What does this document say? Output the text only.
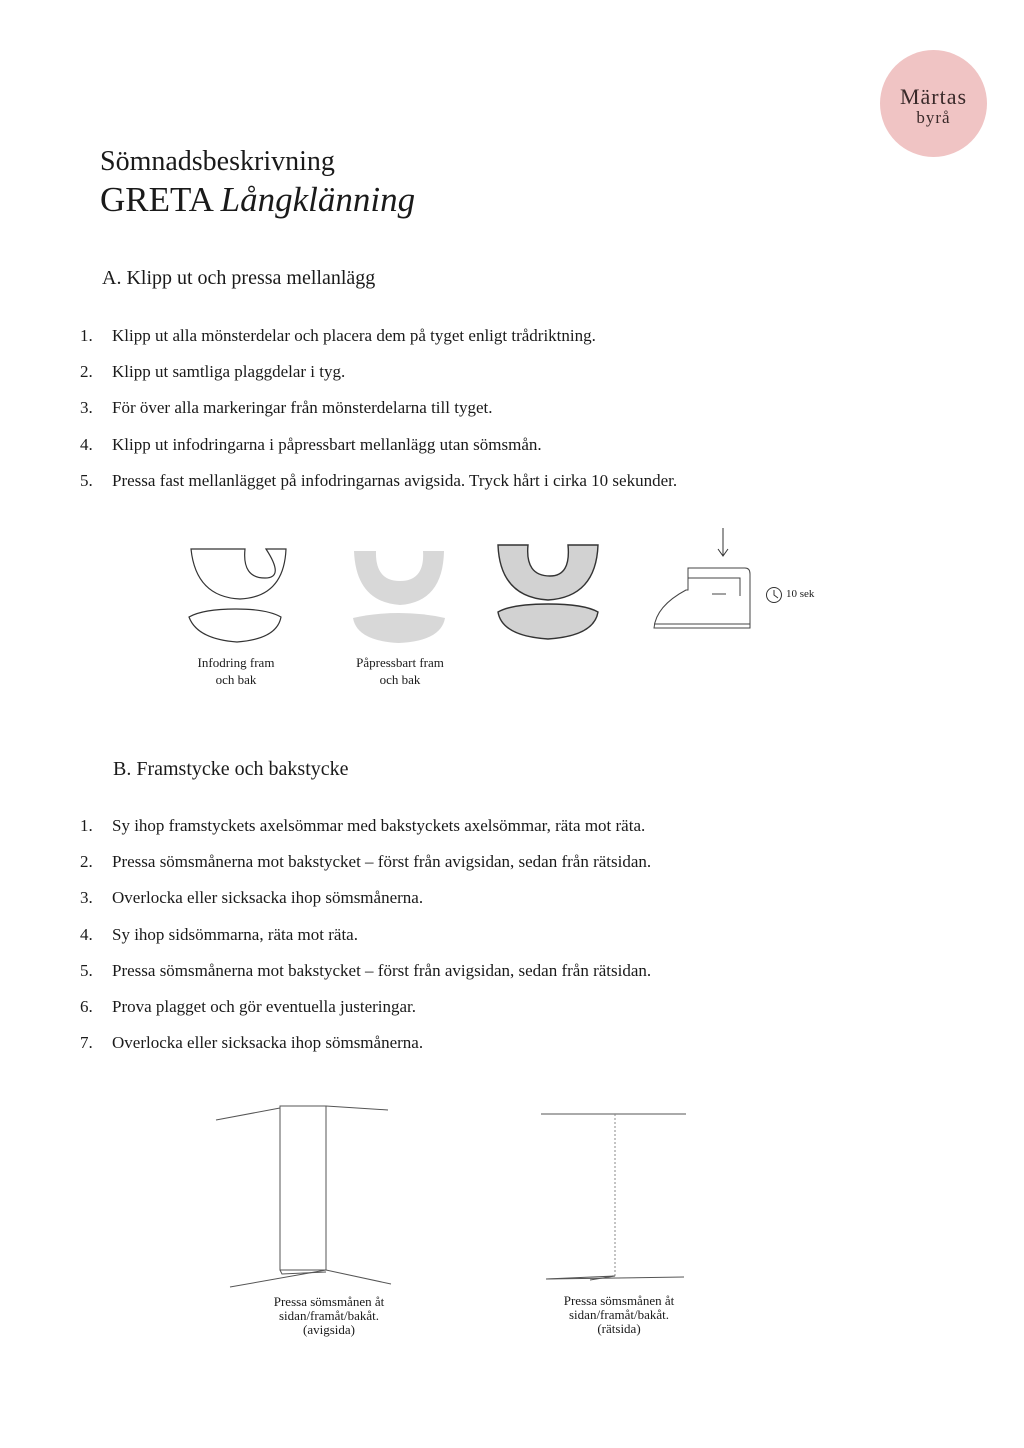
Märtas
byrå
Sömnadsbeskrivning
GRETA Långklänning
A. Klipp ut och pressa mellanlägg
1.	Klipp ut alla mönsterdelar och placera dem på tyget enligt trådriktning.
2.	Klipp ut samtliga plaggdelar i tyg.
3.	För över alla markeringar från mönsterdelarna till tyget.
4.	Klipp ut infodringarna i påpressbart mellanlägg utan sömsmån.
5.	Pressa fast mellanlägget på infodringarnas avigsida. Tryck hårt i cirka 10 sekunder.
10 sek
Infodring fram
och bak
Påpressbart fram
och bak
B. Framstycke och bakstycke
1.	Sy ihop framstyckets axelsömmar med bakstyckets axelsömmar, räta mot räta.
2.	Pressa sömsmånerna mot bakstycket – först från avigsidan, sedan från rätsidan.
3.	Overlocka eller sicksacka ihop sömsmånerna.
4.	Sy ihop sidsömmarna, räta mot räta.
5.	Pressa sömsmånerna mot bakstycket – först från avigsidan, sedan från rätsidan.
6.	Prova plagget och gör eventuella justeringar.
7.	Overlocka eller sicksacka ihop sömsmånerna.
Pressa sömsmånen åt
sidan/framåt/bakåt.
(avigsida)
Pressa sömsmånen åt
sidan/framåt/bakåt.
(rätsida)
